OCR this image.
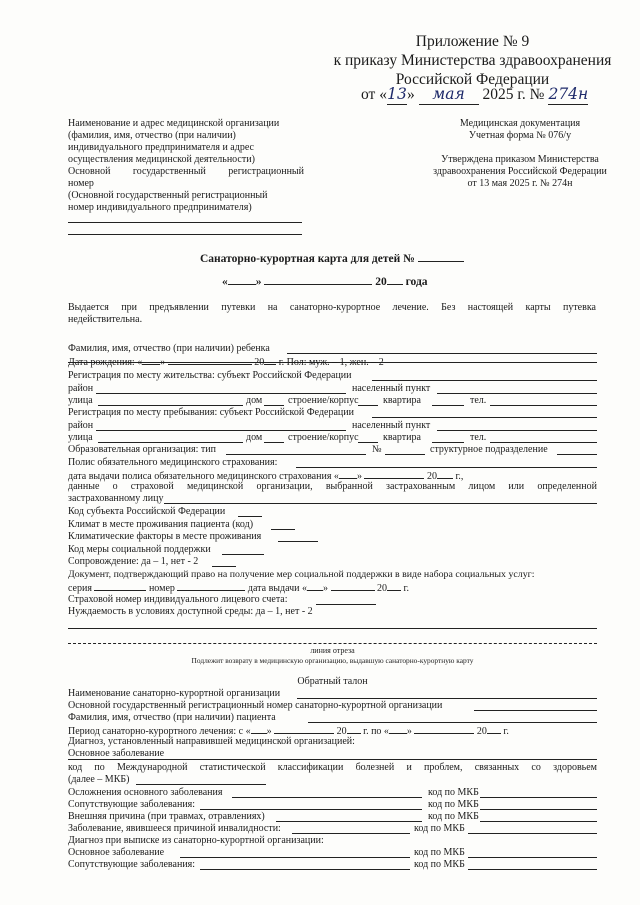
Приложение № 9
к приказу Министерства здравоохранения
Российской Федерации
от «13» мая 2025 г. № 274н
Наименование и адрес медицинской организации
(фамилия, имя, отчество (при наличии)
индивидуального предпринимателя и адрес
осуществления медицинской деятельности)
Основной государственный регистрационный
номер
(Основной государственный регистрационный
номер индивидуального предпринимателя)
Медицинская документация
Учетная форма № 076/у
Утверждена приказом Министерства
здравоохранения Российской Федерации
от 13 мая 2025 г. № 274н
Санаторно-курортная карта для детей №
« »	20 года
Выдается при предъявлении путевки на санаторно-курортное лечение. Без настоящей карты путевка
недействительна.
Фамилия, имя, отчество (при наличии) ребенка
Дата рождения: « »	20 г. Пол: муж. – 1, жен. – 2
Регистрация по месту жительства: субъект Российской Федерации
район	населенный пункт
улица	дом	строение/корпус квартира	тел.
Регистрация по месту пребывания: субъект Российской Федерации
район	населенный пункт
улица	дом	строение/корпус квартира	тел.
Образовательная организация: тип	№	структурное подразделение
Полис обязательного медицинского страхования:
дата выдачи полиса обязательного медицинского страхования « »	20 г.,
данные о страховой медицинской организации, выбранной застрахованным лицом или определенной
застрахованному лицу
Код субъекта Российской Федерации
Климат в месте проживания пациента (код)
Климатические факторы в месте проживания
Код меры социальной поддержки
Сопровождение: да – 1, нет - 2
Документ, подтверждающий право на получение мер социальной поддержки в виде набора социальных услуг:
серия	номер	дата выдачи « »	20 г.
Страховой номер индивидуального лицевого счета:
Нуждаемость в условиях доступной среды: да – 1, нет - 2
линия отреза
Подлежит возврату в медицинскую организацию, выдавшую санаторно-курортную карту
Обратный талон
Наименование санаторно-курортной организации
Основной государственный регистрационный номер санаторно-курортной организации
Фамилия, имя, отчество (при наличии) пациента
Период санаторно-курортного лечения: с « »	20 г. по « »	20 г.
Диагноз, установленный направившей медицинской организацией:
Основное заболевание
код по Международной статистической классификации болезней и проблем, связанных со здоровьем
(далее – МКБ)
Осложнения основного заболевания	код по МКБ
Сопутствующие заболевания:	код по МКБ
Внешняя причина (при травмах, отравлениях)	код по МКБ
Заболевание, явившееся причиной инвалидности:	код по МКБ
Диагноз при выписке из санаторно-курортной организации:
Основное заболевание	код по МКБ
Сопутствующие заболевания:	код по МКБ
